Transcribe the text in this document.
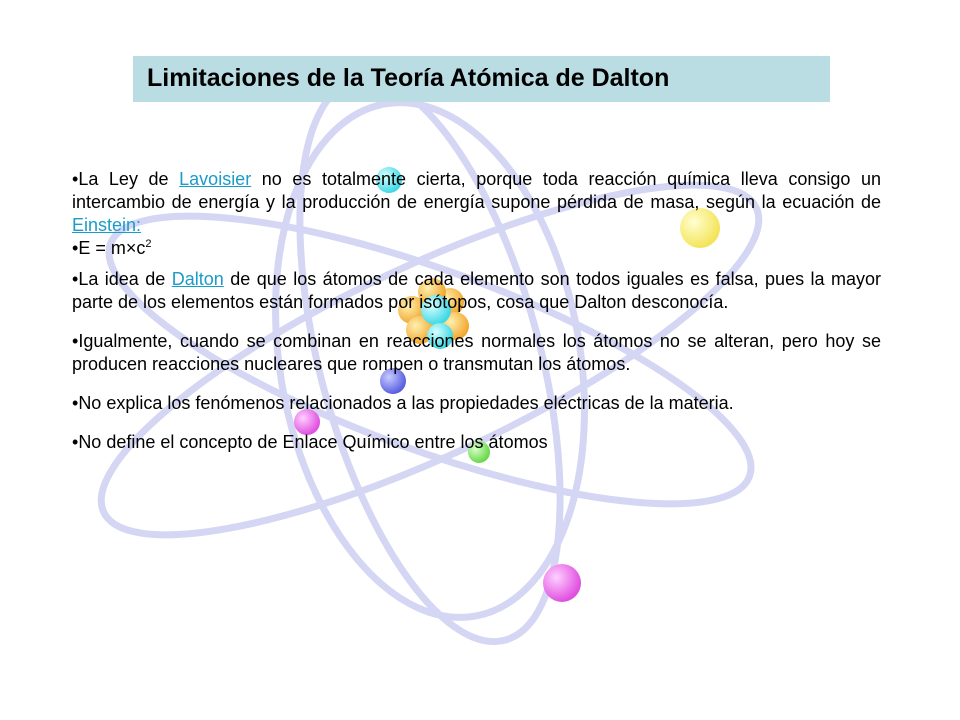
Limitaciones de la Teoría Atómica de Dalton

•La Ley de Lavoisier no es totalmente cierta, porque toda reacción química lleva consigo un intercambio de energía y la producción de energía supone pérdida de masa, según la ecuación de Einstein:

•E = $m\times c^2$

•La idea de Dalton de que los átomos de cada elemento son todos iguales es falsa, pues la mayor parte de los elementos están formados por isótopos, cosa que Dalton desconocía.

•Igualmente, cuando se combinan en reacciones normales los átomos no se alteran, pero hoy se producen reacciones nucleares que rompen o transmutan los átomos.

•No explica los fenómenos relacionados a las propiedades eléctricas de la materia.

•No define el concepto de Enlace Químico entre los átomos
